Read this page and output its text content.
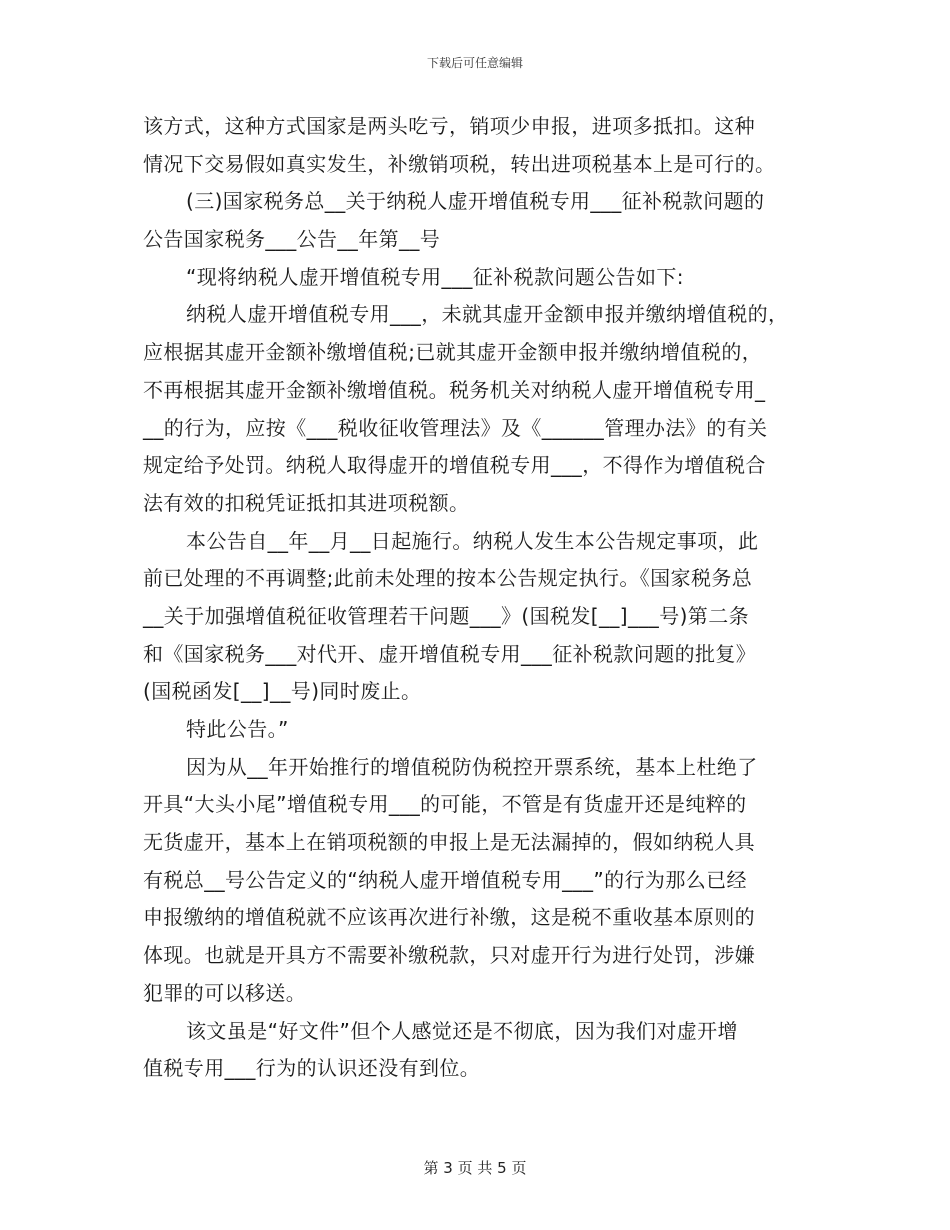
下载后可任意编辑
该方式，这种方式国家是两头吃亏，销项少申报，进项多抵扣。这种
情况下交易假如真实发生，补缴销项税，转出进项税基本上是可行的。
(三)国家税务总__关于纳税人虚开增值税专用___征补税款问题的
公告国家税务___公告__年第__号
“现将纳税人虚开增值税专用___征补税款问题公告如下:
纳税人虚开增值税专用___，未就其虚开金额申报并缴纳增值税的，
应根据其虚开金额补缴增值税;已就其虚开金额申报并缴纳增值税的，
不再根据其虚开金额补缴增值税。税务机关对纳税人虚开增值税专用_
__的行为，应按《___税收征收管理法》及《______管理办法》的有关
规定给予处罚。纳税人取得虚开的增值税专用___，不得作为增值税合
法有效的扣税凭证抵扣其进项税额。
本公告自__年__月__日起施行。纳税人发生本公告规定事项，此
前已处理的不再调整;此前未处理的按本公告规定执行。《国家税务总
__关于加强增值税征收管理若干问题___》(国税发[__]___号)第二条
和《国家税务___对代开、虚开增值税专用___征补税款问题的批复》
(国税函发[__]__号)同时废止。
特此公告。”
因为从__年开始推行的增值税防伪税控开票系统，基本上杜绝了
开具“大头小尾”增值税专用___的可能，不管是有货虚开还是纯粹的
无货虚开，基本上在销项税额的申报上是无法漏掉的，假如纳税人具
有税总__号公告定义的“纳税人虚开增值税专用___”的行为那么已经
申报缴纳的增值税就不应该再次进行补缴，这是税不重收基本原则的
体现。也就是开具方不需要补缴税款，只对虚开行为进行处罚，涉嫌
犯罪的可以移送。
该文虽是“好文件”但个人感觉还是不彻底，因为我们对虚开增
值税专用___行为的认识还没有到位。
第 3 页 共 5 页
